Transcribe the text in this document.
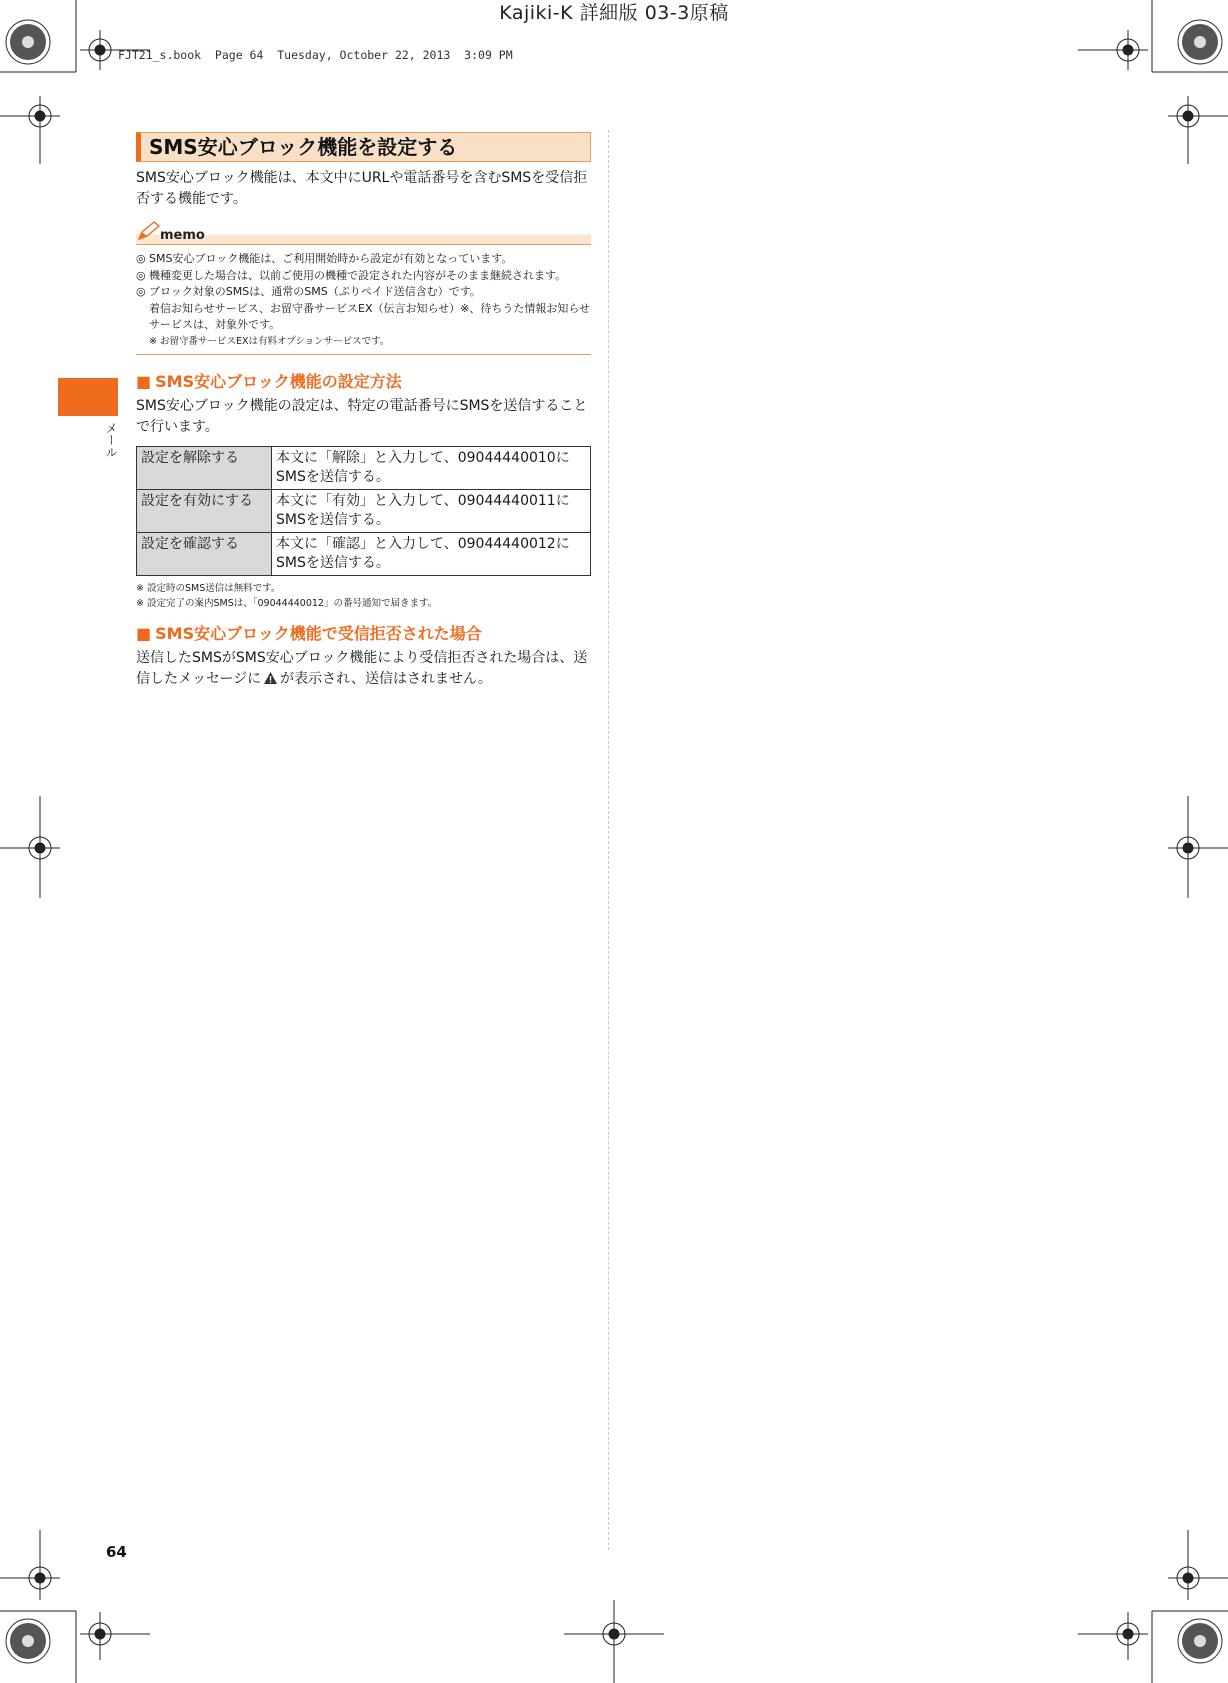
Kajiki-K 詳細版 03-3原稿
FJT21_s.book  Page 64  Tuesday, October 22, 2013  3:09 PM
メール
SMS安心ブロック機能を設定する
SMS安心ブロック機能は、本文中にURLや電話番号を含むSMSを受信拒否する機能です。
memo
◎ SMS安心ブロック機能は、ご利用開始時から設定が有効となっています。
◎ 機種変更した場合は、以前ご使用の機種で設定された内容がそのまま継続されます。
◎ ブロック対象のSMSは、通常のSMS（ぷりペイド送信含む）です。
着信お知らせサービス、お留守番サービスEX（伝言お知らせ）※、待ちうた情報お知らせサービスは、対象外です。
※ お留守番サービスEXは有料オプションサービスです。
■ SMS安心ブロック機能の設定方法
SMS安心ブロック機能の設定は、特定の電話番号にSMSを送信することで行います。
設定を解除する	本文に「解除」と入力して、09044440010にSMSを送信する。
設定を有効にする	本文に「有効」と入力して、09044440011にSMSを送信する。
設定を確認する	本文に「確認」と入力して、09044440012にSMSを送信する。
※ 設定時のSMS送信は無料です。
※ 設定完了の案内SMSは、「09044440012」の番号通知で届きます。
■ SMS安心ブロック機能で受信拒否された場合
送信したSMSがSMS安心ブロック機能により受信拒否された場合は、送信したメッセージに が表示され、送信はされません。
64
